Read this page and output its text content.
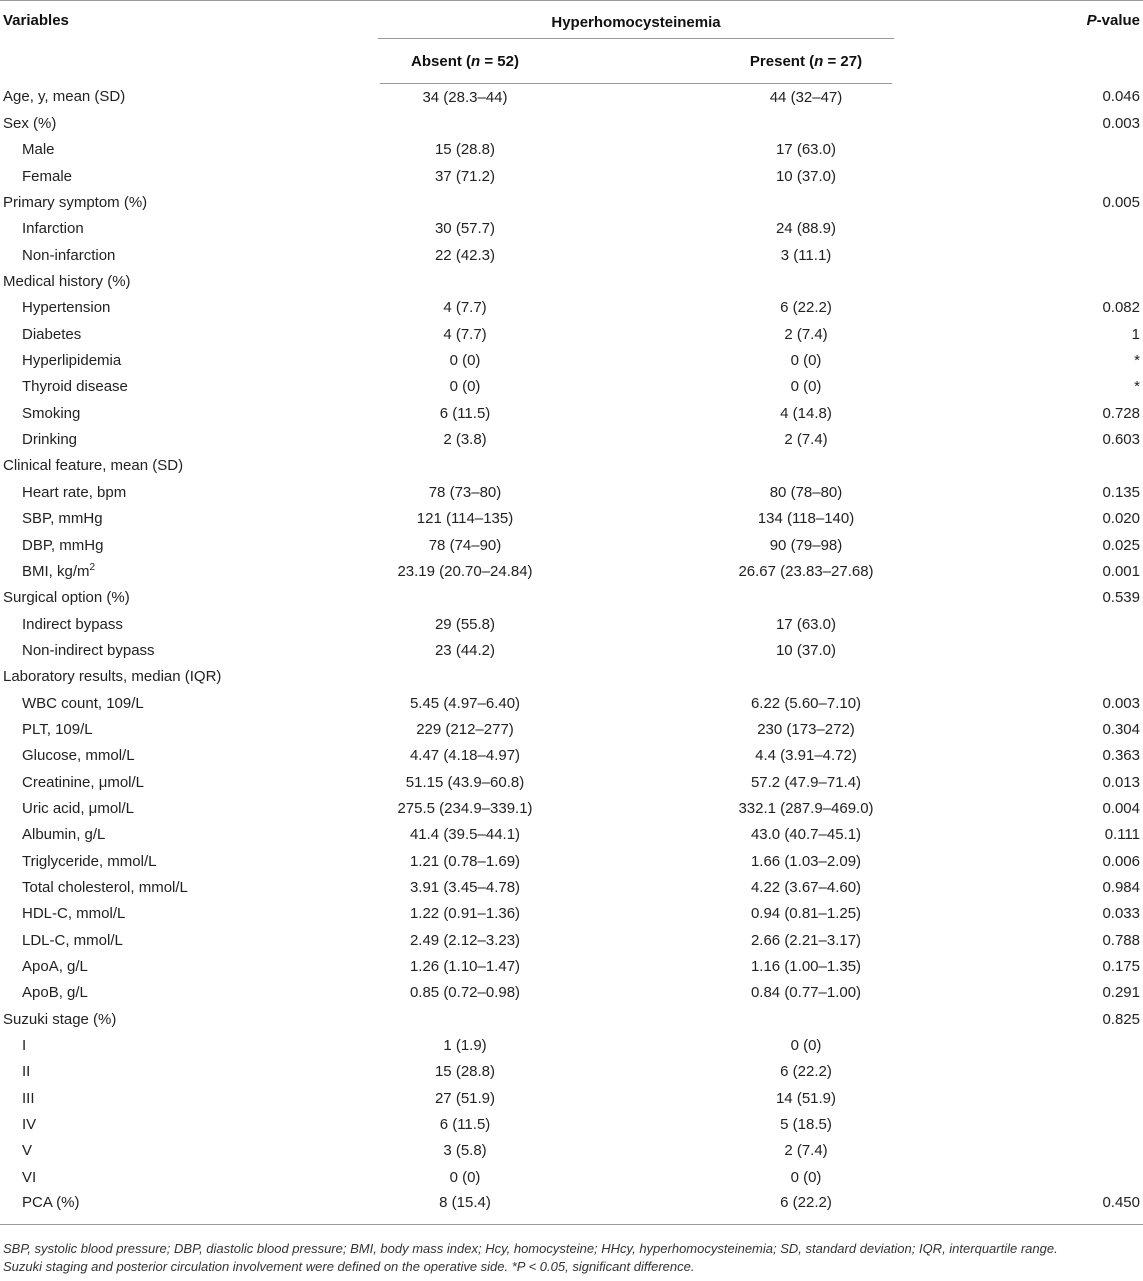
Variables	Hyperhomocysteinemia			P-value
	Absent (n = 52)		Present (n = 27)	
Age, y, mean (SD)	34 (28.3–44)		44 (32–47)	0.046
Sex (%)				0.003
Male	15 (28.8)		17 (63.0)	
Female	37 (71.2)		10 (37.0)	
Primary symptom (%)				0.005
Infarction	30 (57.7)		24 (88.9)	
Non-infarction	22 (42.3)		3 (11.1)	
Medical history (%)				
Hypertension	4 (7.7)		6 (22.2)	0.082
Diabetes	4 (7.7)		2 (7.4)	1
Hyperlipidemia	0 (0)		0 (0)	*
Thyroid disease	0 (0)		0 (0)	*
Smoking	6 (11.5)		4 (14.8)	0.728
Drinking	2 (3.8)		2 (7.4)	0.603
Clinical feature, mean (SD)				
Heart rate, bpm	78 (73–80)		80 (78–80)	0.135
SBP, mmHg	121 (114–135)		134 (118–140)	0.020
DBP, mmHg	78 (74–90)		90 (79–98)	0.025
BMI, $kg/m^2$	23.19 (20.70–24.84)		26.67 (23.83–27.68)	0.001
Surgical option (%)				0.539
Indirect bypass	29 (55.8)		17 (63.0)	
Non-indirect bypass	23 (44.2)		10 (37.0)	
Laboratory results, median (IQR)				
WBC count, 109/L	5.45 (4.97–6.40)		6.22 (5.60–7.10)	0.003
PLT, 109/L	229 (212–277)		230 (173–272)	0.304
Glucose, mmol/L	4.47 (4.18–4.97)		4.4 (3.91–4.72)	0.363
Creatinine, μmol/L	51.15 (43.9–60.8)		57.2 (47.9–71.4)	0.013
Uric acid, μmol/L	275.5 (234.9–339.1)		332.1 (287.9–469.0)	0.004
Albumin, g/L	41.4 (39.5–44.1)		43.0 (40.7–45.1)	0.111
Triglyceride, mmol/L	1.21 (0.78–1.69)		1.66 (1.03–2.09)	0.006
Total cholesterol, mmol/L	3.91 (3.45–4.78)		4.22 (3.67–4.60)	0.984
HDL-C, mmol/L	1.22 (0.91–1.36)		0.94 (0.81–1.25)	0.033
LDL-C, mmol/L	2.49 (2.12–3.23)		2.66 (2.21–3.17)	0.788
ApoA, g/L	1.26 (1.10–1.47)		1.16 (1.00–1.35)	0.175
ApoB, g/L	0.85 (0.72–0.98)		0.84 (0.77–1.00)	0.291
Suzuki stage (%)				0.825
I	1 (1.9)		0 (0)	
II	15 (28.8)		6 (22.2)	
III	27 (51.9)		14 (51.9)	
IV	6 (11.5)		5 (18.5)	
V	3 (5.8)		2 (7.4)	
VI	0 (0)		0 (0)	
PCA (%)	8 (15.4)		6 (22.2)	0.450
SBP, systolic blood pressure; DBP, diastolic blood pressure; BMI, body mass index; Hcy, homocysteine; HHcy, hyperhomocysteinemia; SD, standard deviation; IQR, interquartile range.
Suzuki staging and posterior circulation involvement were defined on the operative side. *P < 0.05, significant difference.
